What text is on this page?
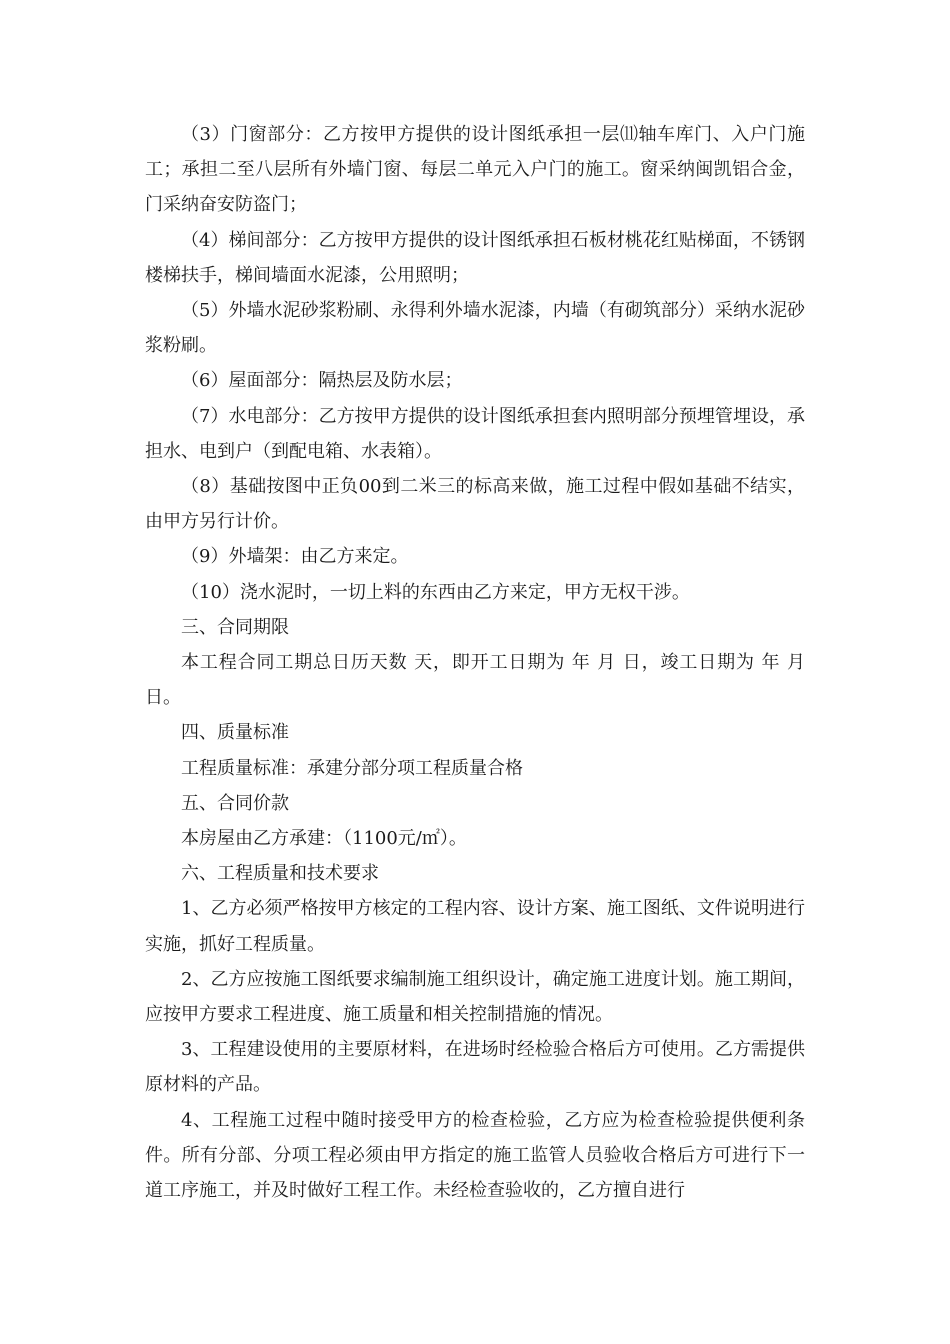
（3）门窗部分：乙方按甲方提供的设计图纸承担一层⑾轴车库门、入户门施工；承担二至八层所有外墙门窗、每层二单元入户门的施工。窗采纳闽凯铝合金，门采纳奋安防盗门；

（4）梯间部分：乙方按甲方提供的设计图纸承担石板材桃花红贴梯面，不锈钢楼梯扶手，梯间墙面水泥漆，公用照明；

（5）外墙水泥砂浆粉刷、永得利外墙水泥漆，内墙（有砌筑部分）采纳水泥砂浆粉刷。

（6）屋面部分：隔热层及防水层；

（7）水电部分：乙方按甲方提供的设计图纸承担套内照明部分预埋管埋设，承担水、电到户（到配电箱、水表箱）。

（8）基础按图中正负00到二米三的标高来做，施工过程中假如基础不结实，由甲方另行计价。

（9）外墙架：由乙方来定。

（10）浇水泥时，一切上料的东西由乙方来定，甲方无权干涉。

三、合同期限

本工程合同工期总日历天数 天，即开工日期为 年 月 日，竣工日期为 年 月 日。

四、质量标准

工程质量标准：承建分部分项工程质量合格

五、合同价款

本房屋由乙方承建：（1100元/㎡）。

六、工程质量和技术要求

1、乙方必须严格按甲方核定的工程内容、设计方案、施工图纸、文件说明进行实施，抓好工程质量。

2、乙方应按施工图纸要求编制施工组织设计，确定施工进度计划。施工期间，应按甲方要求工程进度、施工质量和相关控制措施的情况。

3、工程建设使用的主要原材料，在进场时经检验合格后方可使用。乙方需提供原材料的产品。

4、工程施工过程中随时接受甲方的检查检验，乙方应为检查检验提供便利条件。所有分部、分项工程必须由甲方指定的施工监管人员验收合格后方可进行下一道工序施工，并及时做好工程工作。未经检查验收的，乙方擅自进行
